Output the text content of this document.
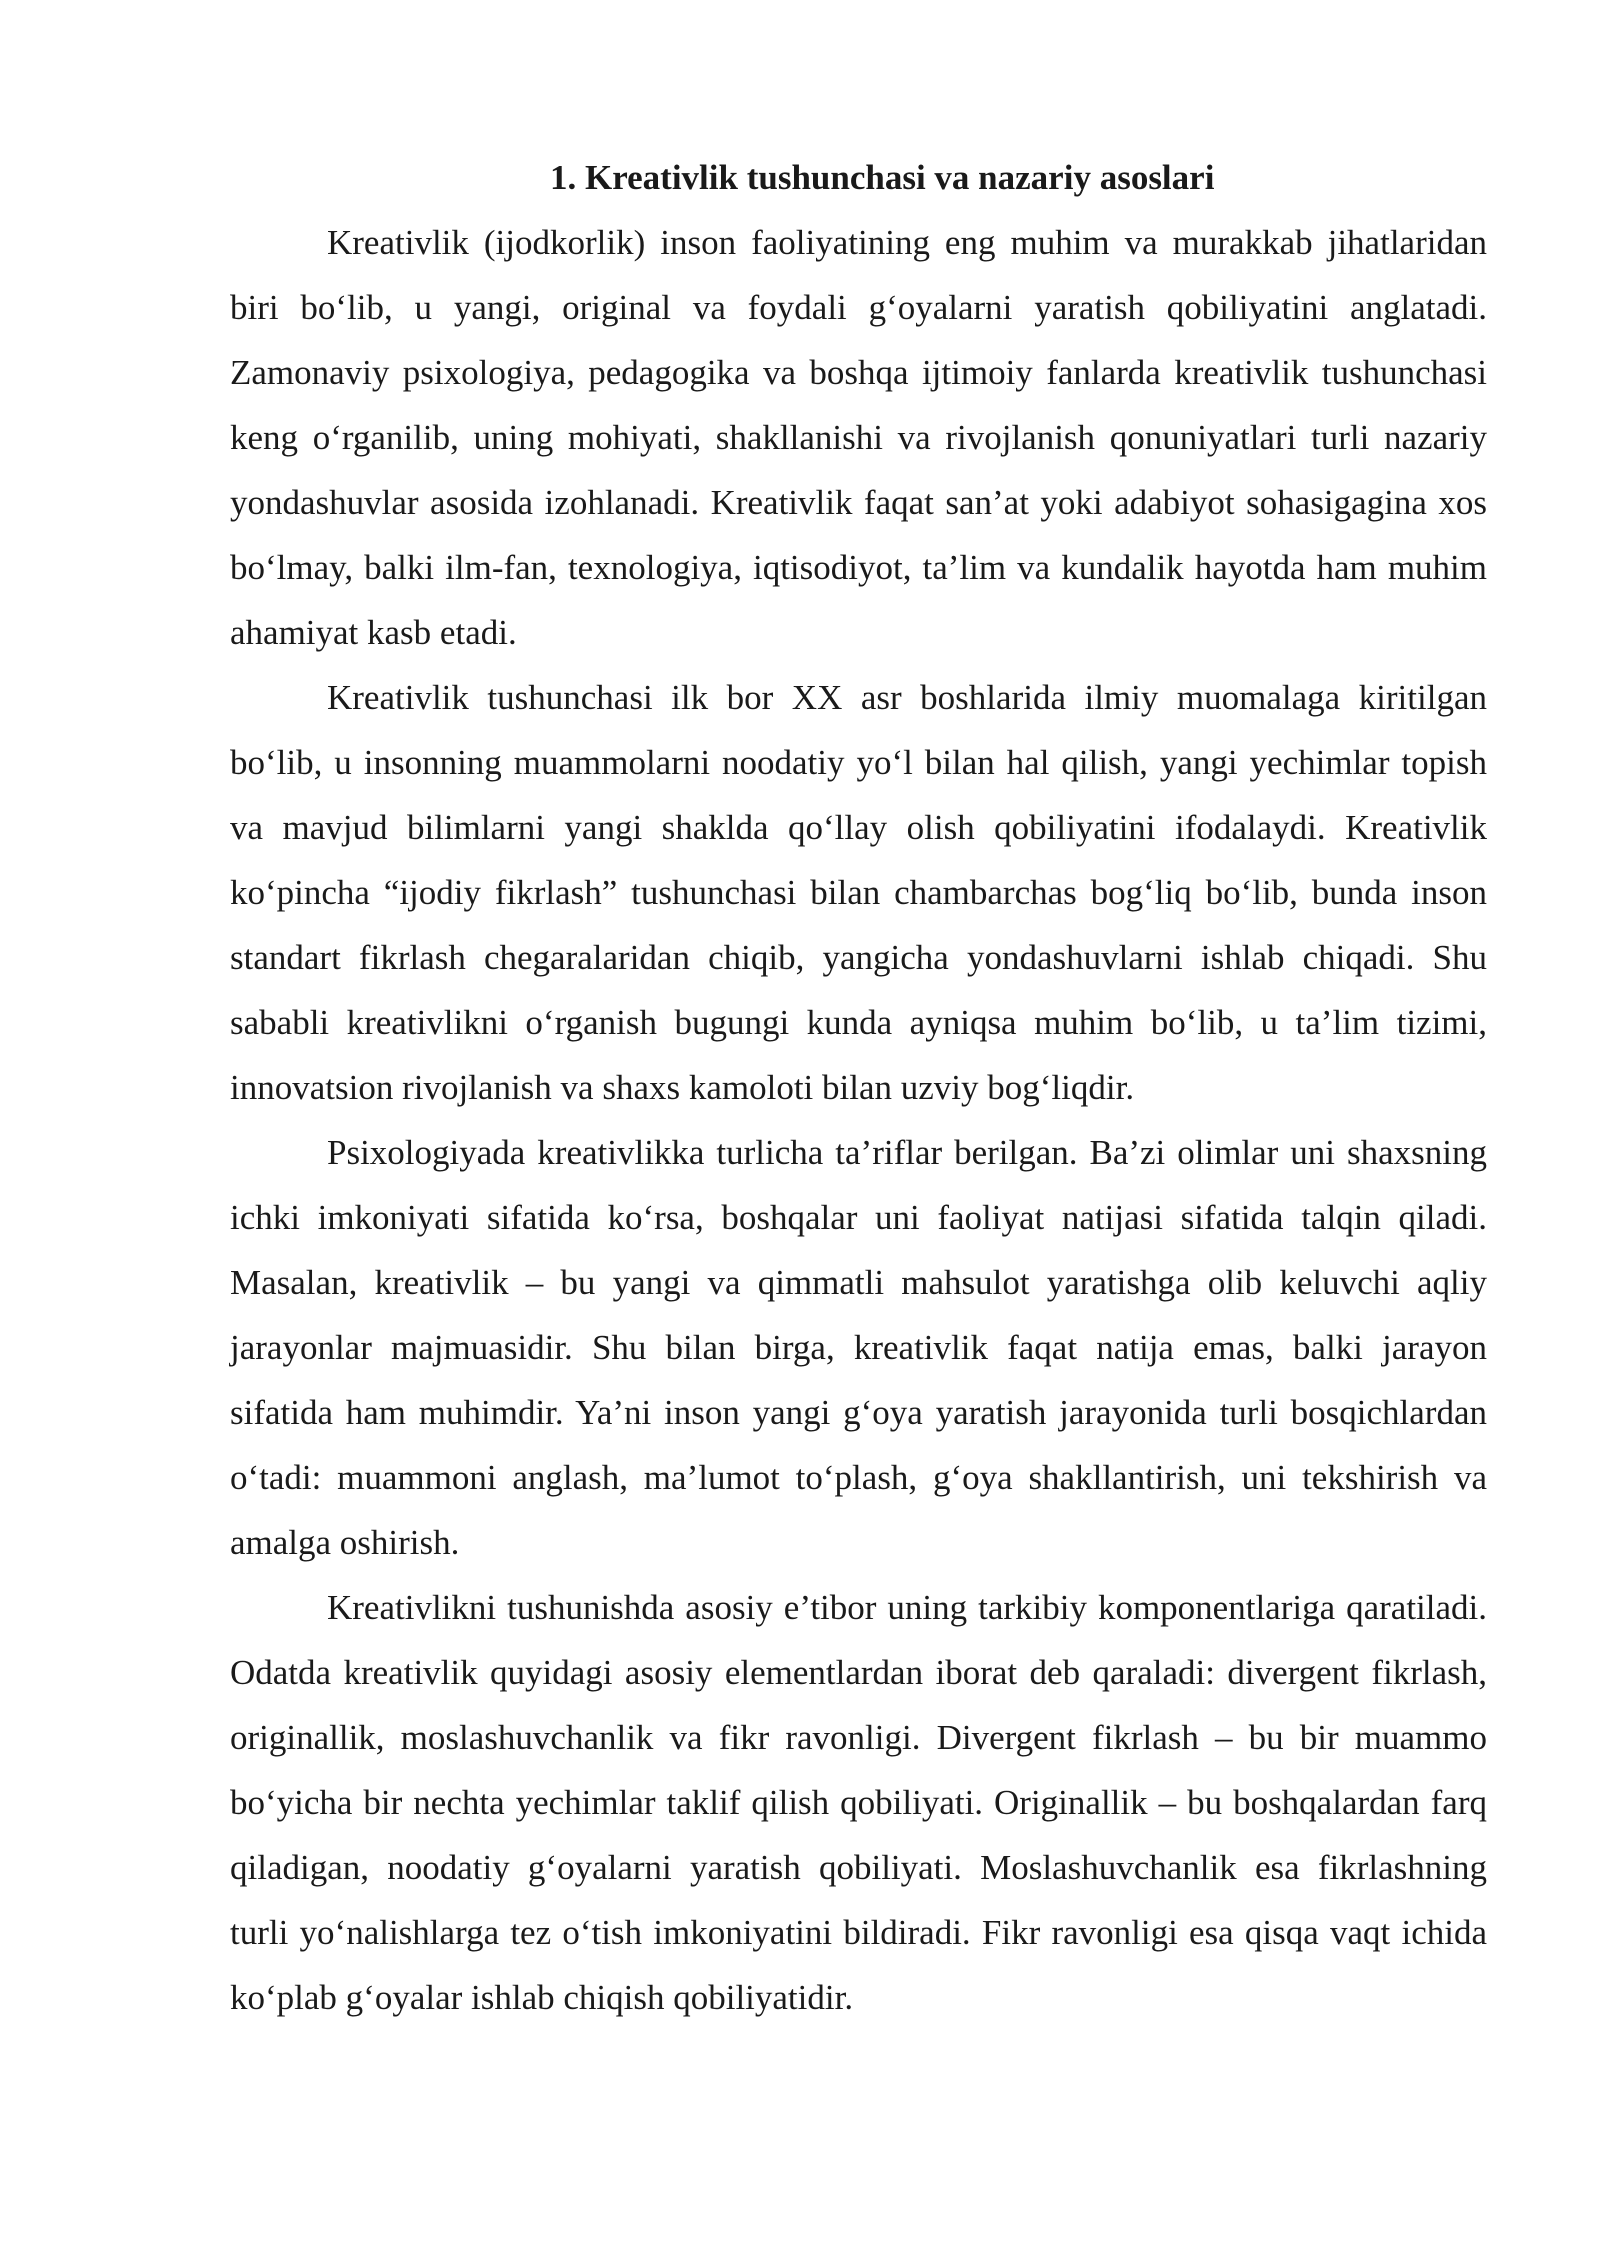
1. Kreativlik tushunchasi va nazariy asoslari

Kreativlik (ijodkorlik) inson faoliyatining eng muhim va murakkab jihatlaridan biri bo‘lib, u yangi, original va foydali g‘oyalarni yaratish qobiliyatini anglatadi. Zamonaviy psixologiya, pedagogika va boshqa ijtimoiy fanlarda kreativlik tushunchasi keng o‘rganilib, uning mohiyati, shakllanishi va rivojlanish qonuniyatlari turli nazariy yondashuvlar asosida izohlanadi. Kreativlik faqat san’at yoki adabiyot sohasigagina xos bo‘lmay, balki ilm-fan, texnologiya, iqtisodiyot, ta’lim va kundalik hayotda ham muhim ahamiyat kasb etadi.

Kreativlik tushunchasi ilk bor XX asr boshlarida ilmiy muomalaga kiritilgan bo‘lib, u insonning muammolarni noodatiy yo‘l bilan hal qilish, yangi yechimlar topish va mavjud bilimlarni yangi shaklda qo‘llay olish qobiliyatini ifodalaydi. Kreativlik ko‘pincha “ijodiy fikrlash” tushunchasi bilan chambarchas bog‘liq bo‘lib, bunda inson standart fikrlash chegaralaridan chiqib, yangicha yondashuvlarni ishlab chiqadi. Shu sababli kreativlikni o‘rganish bugungi kunda ayniqsa muhim bo‘lib, u ta’lim tizimi, innovatsion rivojlanish va shaxs kamoloti bilan uzviy bog‘liqdir.

Psixologiyada kreativlikka turlicha ta’riflar berilgan. Ba’zi olimlar uni shaxsning ichki imkoniyati sifatida ko‘rsa, boshqalar uni faoliyat natijasi sifatida talqin qiladi. Masalan, kreativlik – bu yangi va qimmatli mahsulot yaratishga olib keluvchi aqliy jarayonlar majmuasidir. Shu bilan birga, kreativlik faqat natija emas, balki jarayon sifatida ham muhimdir. Ya’ni inson yangi g‘oya yaratish jarayonida turli bosqichlardan o‘tadi: muammoni anglash, ma’lumot to‘plash, g‘oya shakllantirish, uni tekshirish va amalga oshirish.

Kreativlikni tushunishda asosiy e’tibor uning tarkibiy komponentlariga qaratiladi. Odatda kreativlik quyidagi asosiy elementlardan iborat deb qaraladi: divergent fikrlash, originallik, moslashuvchanlik va fikr ravonligi. Divergent fikrlash – bu bir muammo bo‘yicha bir nechta yechimlar taklif qilish qobiliyati. Originallik – bu boshqalardan farq qiladigan, noodatiy g‘oyalarni yaratish qobiliyati. Moslashuvchanlik esa fikrlashning turli yo‘nalishlarga tez o‘tish imkoniyatini bildiradi. Fikr ravonligi esa qisqa vaqt ichida ko‘plab g‘oyalar ishlab chiqish qobiliyatidir.
